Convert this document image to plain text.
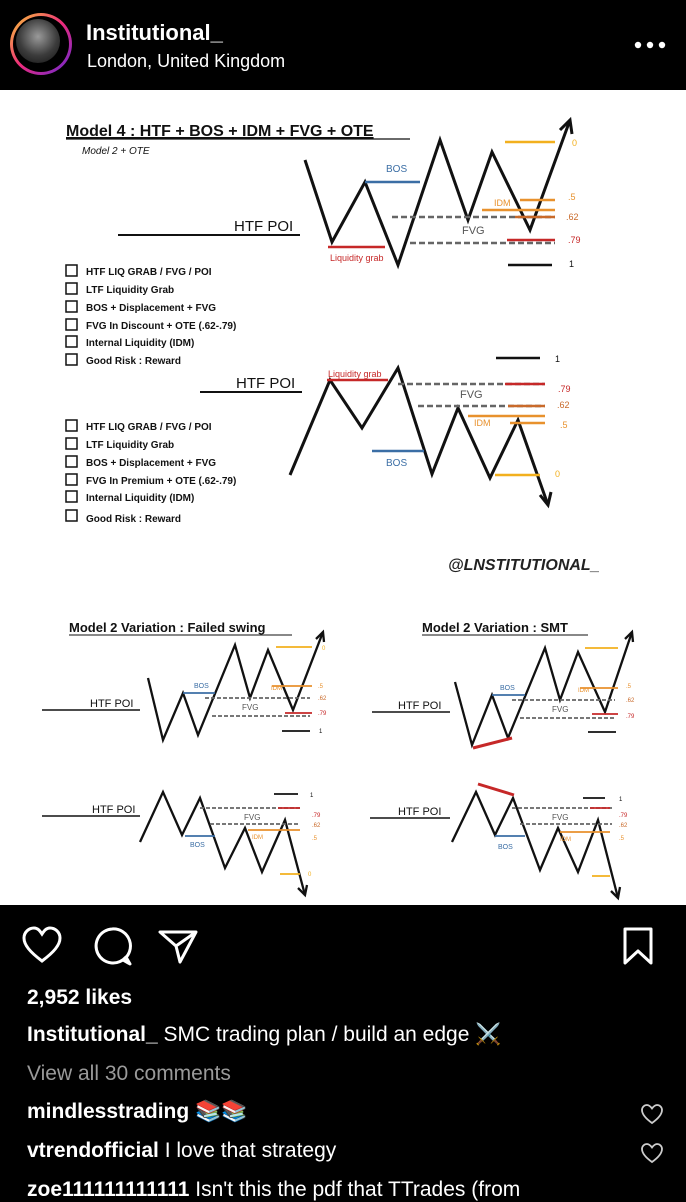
Institutional_
London, United Kingdom
Model 4 : HTF + BOS + IDM + FVG + OTE
Model 2 + OTE
HTF POI
BOS
Liquidity grab
FVG
IDM
0
.5
.62
.79
1
HTF LIQ GRAB / FVG / POI
LTF Liquidity Grab
BOS + Displacement + FVG
FVG In Discount + OTE (.62-.79)
Internal Liquidity (IDM)
Good Risk : Reward
HTF POI
Liquidity grab
BOS
FVG
IDM
1
.79
.62
.5
0
HTF LIQ GRAB / FVG / POI
LTF Liquidity Grab
BOS + Displacement + FVG
FVG In Premium + OTE (.62-.79)
Internal Liquidity (IDM)
Good Risk : Reward
@LNSTITUTIONAL_
Model 2 Variation : Failed swing	Model 2 Variation : SMT
HTF POI
BOS
FVG
IDM
0
.5
.62
.79
1
HTF POI
BOS
FVG
IDM
.5
.62
.79
HTF POI
BOS
FVG
IDM
1
.79
.62
.5
0
HTF POI
BOS
FVG
IDM
1
.79
.62
.5
2,952 likes
Institutional_ SMC trading plan / build an edge ⚔️
View all 30 comments
mindlesstrading 📚📚
vtrendofficial I love that strategy
zoe111111111111 Isn't this the pdf that TTrades (from
